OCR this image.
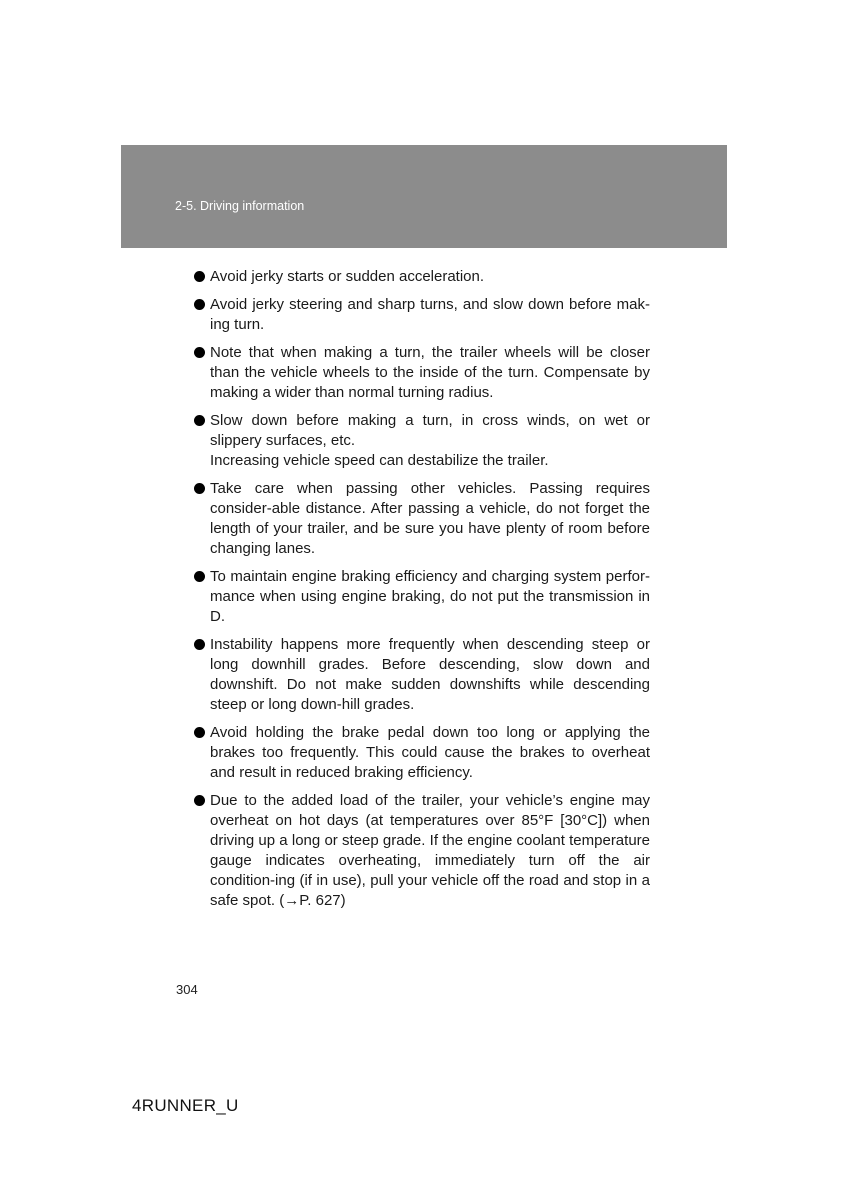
2-5. Driving information
Avoid jerky starts or sudden acceleration.
Avoid jerky steering and sharp turns, and slow down before mak-ing turn.
Note that when making a turn, the trailer wheels will be closer than the vehicle wheels to the inside of the turn. Compensate by making a wider than normal turning radius.
Slow down before making a turn, in cross winds, on wet or slippery surfaces, etc.
Increasing vehicle speed can destabilize the trailer.
Take care when passing other vehicles. Passing requires consider-able distance. After passing a vehicle, do not forget the length of your trailer, and be sure you have plenty of room before changing lanes.
To maintain engine braking efficiency and charging system perfor-mance when using engine braking, do not put the transmission in D.
Instability happens more frequently when descending steep or long downhill grades. Before descending, slow down and downshift. Do not make sudden downshifts while descending steep or long down-hill grades.
Avoid holding the brake pedal down too long or applying the brakes too frequently. This could cause the brakes to overheat and result in reduced braking efficiency.
Due to the added load of the trailer, your vehicle’s engine may overheat on hot days (at temperatures over 85°F [30°C]) when driving up a long or steep grade. If the engine coolant temperature gauge indicates overheating, immediately turn off the air condition-ing (if in use), pull your vehicle off the road and stop in a safe spot. (→P. 627)
304
4RUNNER_U
